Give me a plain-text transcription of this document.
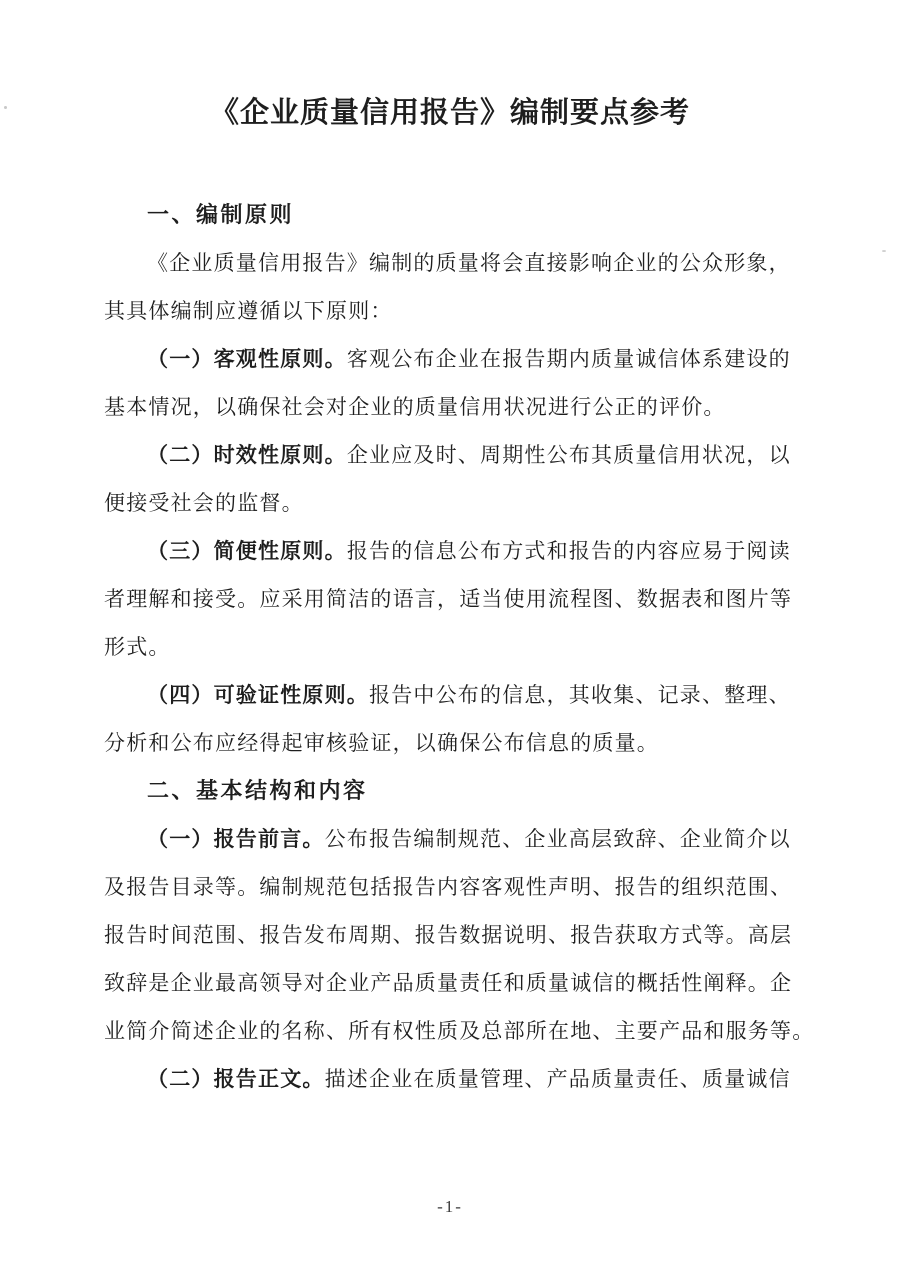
《企业质量信用报告》编制要点参考
一、编制原则
《企业质量信用报告》编制的质量将会直接影响企业的公众形象，
其具体编制应遵循以下原则：
（一）客观性原则。客观公布企业在报告期内质量诚信体系建设的
基本情况，以确保社会对企业的质量信用状况进行公正的评价。
（二）时效性原则。企业应及时、周期性公布其质量信用状况，以
便接受社会的监督。
（三）简便性原则。报告的信息公布方式和报告的内容应易于阅读
者理解和接受。应采用简洁的语言，适当使用流程图、数据表和图片等
形式。
（四）可验证性原则。报告中公布的信息，其收集、记录、整理、
分析和公布应经得起审核验证，以确保公布信息的质量。
二、基本结构和内容
（一）报告前言。公布报告编制规范、企业高层致辞、企业简介以
及报告目录等。编制规范包括报告内容客观性声明、报告的组织范围、
报告时间范围、报告发布周期、报告数据说明、报告获取方式等。高层
致辞是企业最高领导对企业产品质量责任和质量诚信的概括性阐释。企
业简介简述企业的名称、所有权性质及总部所在地、主要产品和服务等。
（二）报告正文。描述企业在质量管理、产品质量责任、质量诚信
-1-
